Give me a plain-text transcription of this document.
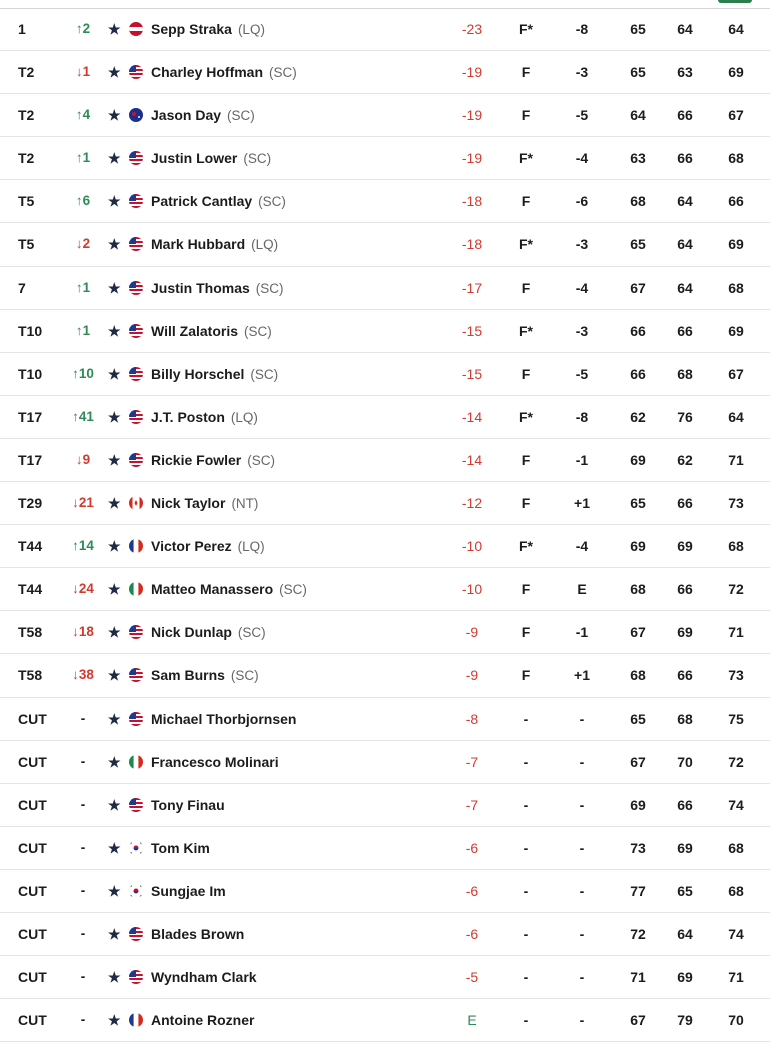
1	↑2	★ Sepp Straka (LQ)	-23	F*	-8	65	64	64
T2	↓1	★ Charley Hoffman (SC)	-19	F	-3	65	63	69
T2	↑4	★ Jason Day (SC)	-19	F	-5	64	66	67
T2	↑1	★ Justin Lower (SC)	-19	F*	-4	63	66	68
T5	↑6	★ Patrick Cantlay (SC)	-18	F	-6	68	64	66
T5	↓2	★ Mark Hubbard (LQ)	-18	F*	-3	65	64	69
7	↑1	★ Justin Thomas (SC)	-17	F	-4	67	64	68
T10	↑1	★ Will Zalatoris (SC)	-15	F*	-3	66	66	69
T10	↑10 ★ Billy Horschel (SC)	-15	F	-5	66	68	67
T17	↑41 ★ J.T. Poston (LQ)	-14	F*	-8	62	76	64
T17	↓9	★ Rickie Fowler (SC)	-14	F	-1	69	62	71
T29	↓21 ★ Nick Taylor (NT)	-12	F	+1	65	66	73
T44	↑14 ★ Victor Perez (LQ)	-10	F*	-4	69	69	68
T44	↓24 ★ Matteo Manassero (SC)	-10	F	E	68	66	72
T58	↓18 ★ Nick Dunlap (SC)	-9	F	-1	67	69	71
T58	↓38 ★ Sam Burns (SC)	-9	F	+1	68	66	73
CUT	-	★ Michael Thorbjornsen	-8	-	-	65	68	75
CUT	-	★ Francesco Molinari	-7	-	-	67	70	72
CUT	-	★ Tony Finau	-7	-	-	69	66	74
CUT	-	★ Tom Kim	-6	-	-	73	69	68
CUT	-	★ Sungjae Im	-6	-	-	77	65	68
CUT	-	★ Blades Brown	-6	-	-	72	64	74
CUT	-	★ Wyndham Clark	-5	-	-	71	69	71
CUT	-	★ Antoine Rozner	E	-	-	67	79	70
